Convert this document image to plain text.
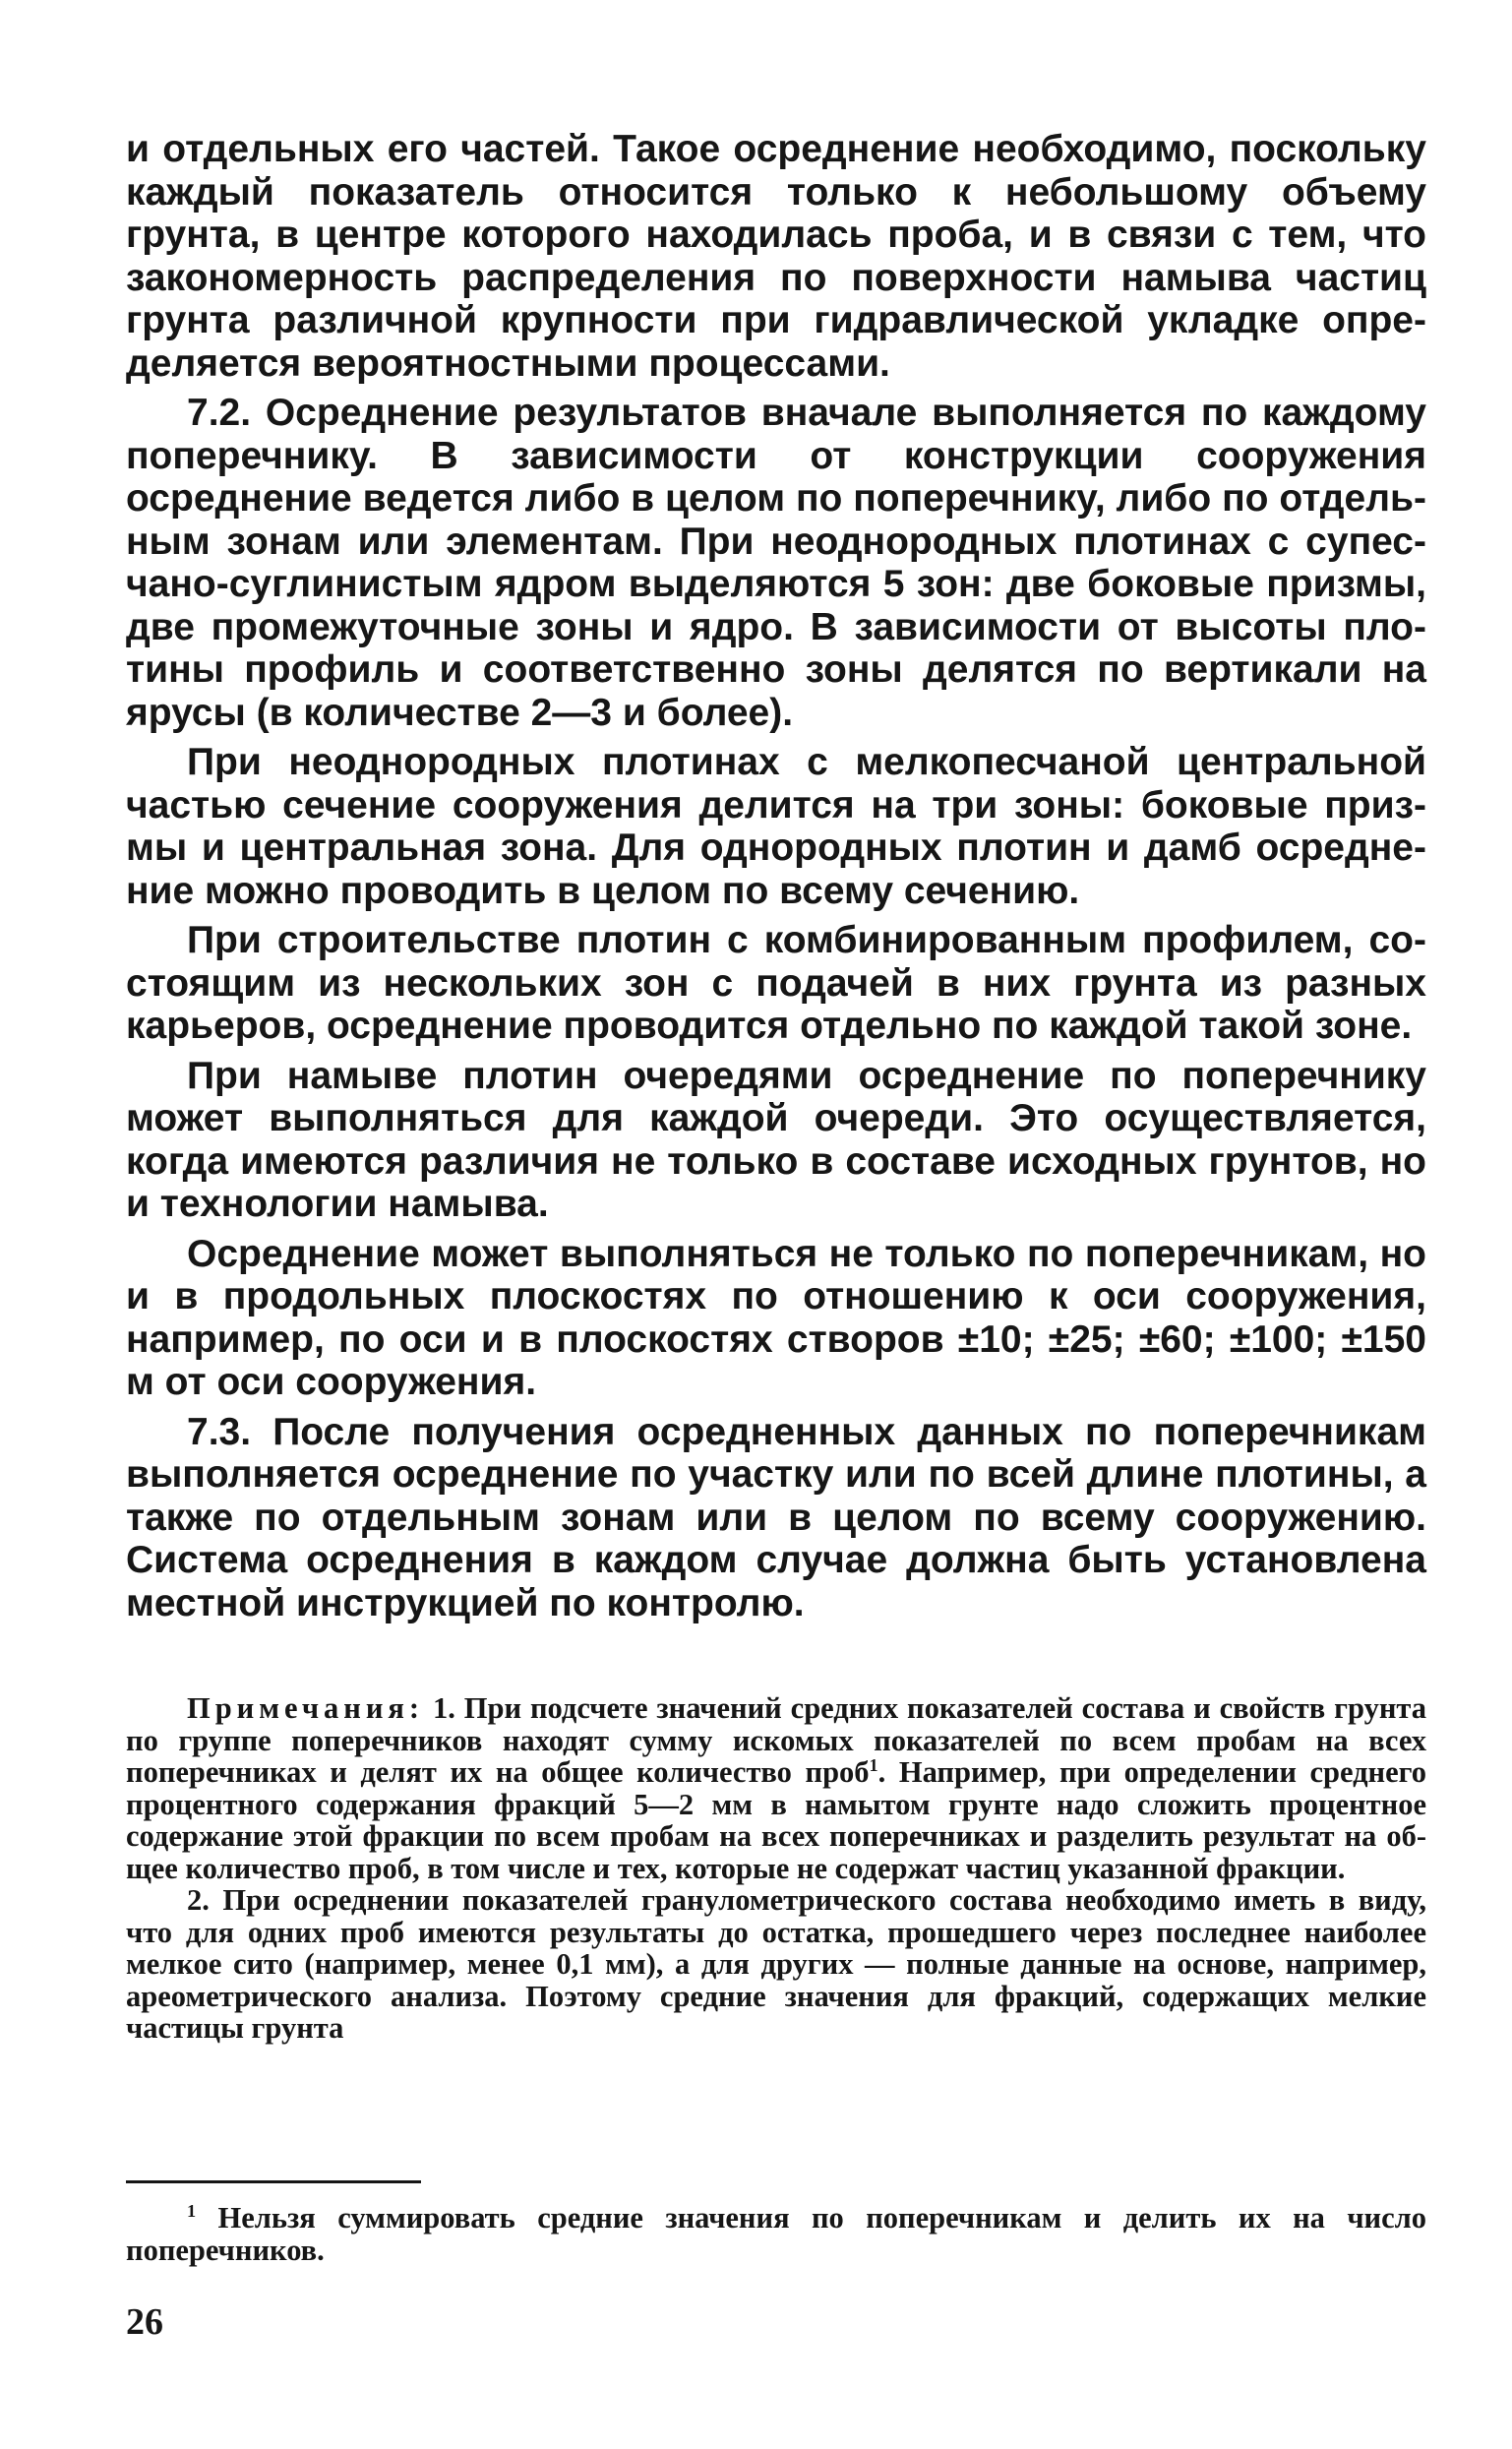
и отдельных его частей. Такое осреднение необходимо, поскольку каждый показатель относится только к небольшому объему грунта, в центре которого находилась проба, и в связи с тем, что закономерность распределения по поверхности намыва частиц грунта различной крупности при гидравлической укладке определяется вероятностными процессами.

7.2. Осреднение результатов вначале выполняется по каждому поперечнику. В зависимости от конструкции сооружения осреднение ведется либо в целом по поперечнику, либо по отдельным зонам или элементам. При неоднородных плотинах с супесчано-суглинистым ядром выделяются 5 зон: две боковые призмы, две промежуточные зоны и ядро. В зависимости от высоты плотины профиль и соответственно зоны делятся по вертикали на ярусы (в количестве 2—3 и более).

При неоднородных плотинах с мелкопесчаной центральной частью сечение сооружения делится на три зоны: боковые призмы и центральная зона. Для однородных плотин и дамб осреднение можно проводить в целом по всему сечению.

При строительстве плотин с комбинированным профилем, состоящим из нескольких зон с подачей в них грунта из разных карьеров, осреднение проводится отдельно по каждой такой зоне.

При намыве плотин очередями осреднение по поперечнику может выполняться для каждой очереди. Это осуществляется, когда имеются различия не только в составе исходных грунтов, но и технологии намыва.

Осреднение может выполняться не только по поперечникам, но и в продольных плоскостях по отношению к оси сооружения, например, по оси и в плоскостях створов ±10; ±25; ±60; ±100; ±150 м от оси сооружения.

7.3. После получения осредненных данных по поперечникам выполняется осреднение по участку или по всей длине плотины, а также по отдельным зонам или в целом по всему сооружению. Система осреднения в каждом случае должна быть установлена местной инструкцией по контролю.

Примечания: 1. При подсчете значений средних показателей состава и свойств грунта по группе поперечников находят сумму искомых показателей по всем пробам на всех поперечниках и делят их на общее количество проб$^1$. Например, при определении среднего процентного содержания фракций 5—2 мм в намытом грунте надо сложить процентное содержание этой фракции по всем пробам на всех поперечниках и разделить результат на общее количество проб, в том числе и тех, которые не содержат частиц указанной фракции.

2. При осреднении показателей гранулометрического состава необходимо иметь в виду, что для одних проб имеются результаты до остатка, прошедшего через последнее наиболее мелкое сито (например, менее 0,1 мм), а для других — полные данные на основе, например, ареометрического анализа. Поэтому средние значения для фракций, содержащих мелкие частицы грунта

$^1$ Нельзя суммировать средние значения по поперечникам и делить их на число поперечников.

26
